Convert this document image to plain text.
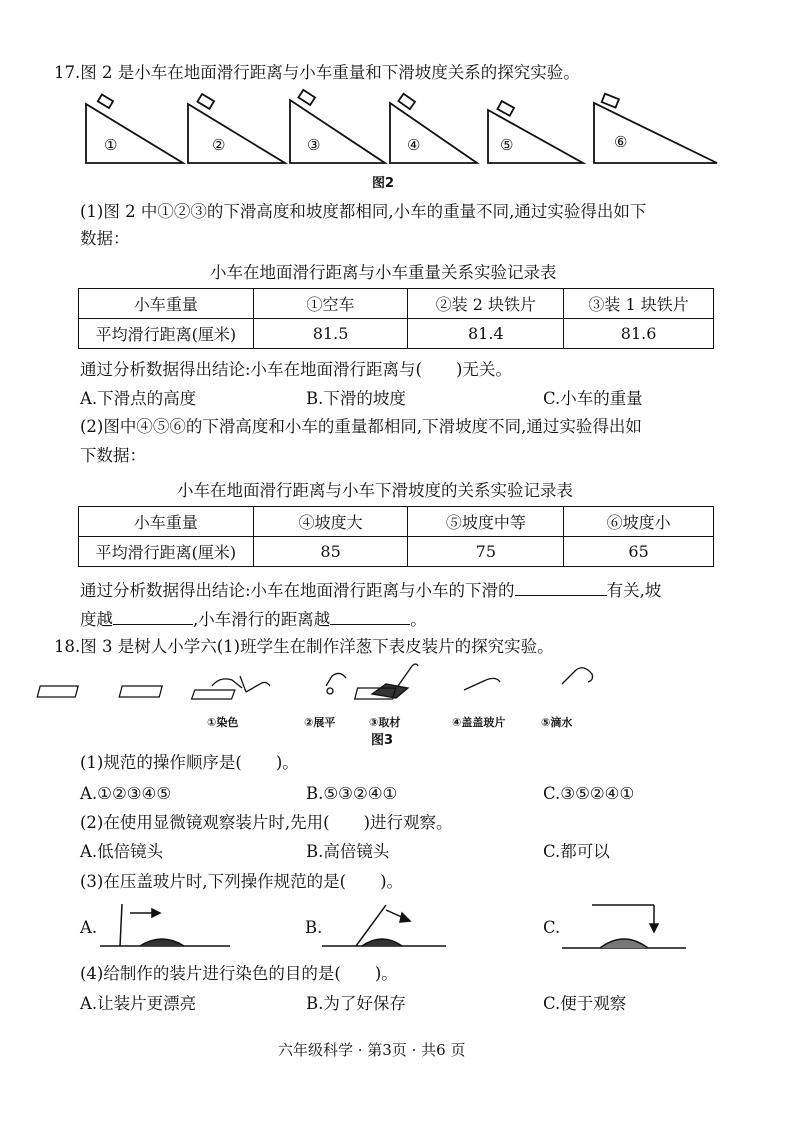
17.图 2 是小车在地面滑行距离与小车重量和下滑坡度关系的探究实验。
①	②	③	④	⑤	⑥
图2
(1)图 2 中①②③的下滑高度和坡度都相同,小车的重量不同,通过实验得出如下
数据：
小车在地面滑行距离与小车重量关系实验记录表
小车重量	①空车	②装 2 块铁片	③装 1 块铁片
平均滑行距离(厘米)	81.5	81.4	81.6
通过分析数据得出结论:小车在地面滑行距离与( )无关。
A.下滑点的高度	B.下滑的坡度	C.小车的重量
(2)图中④⑤⑥的下滑高度和小车的重量都相同,下滑坡度不同,通过实验得出如
下数据：
小车在地面滑行距离与小车下滑坡度的关系实验记录表
小车重量	④坡度大	⑤坡度中等	⑥坡度小
平均滑行距离(厘米)	85	75	65
通过分析数据得出结论:小车在地面滑行距离与小车的下滑的	有关,坡
度越	,小车滑行的距离越	。
18.图 3 是树人小学六(1)班学生在制作洋葱下表皮装片的探究实验。
①染色	②展平	③取材	④盖盖玻片	⑤滴水
图3
(1)规范的操作顺序是( )。
A.①②③④⑤	B.⑤③②④①	C.③⑤②④①
(2)在使用显微镜观察装片时,先用( )进行观察。
A.低倍镜头	B.高倍镜头	C.都可以
(3)在压盖玻片时,下列操作规范的是( )。
A.	B.	C.
(4)给制作的装片进行染色的目的是( )。
A.让装片更漂亮	B.为了好保存	C.便于观察
六年级科学 · 第3页 · 共6 页
